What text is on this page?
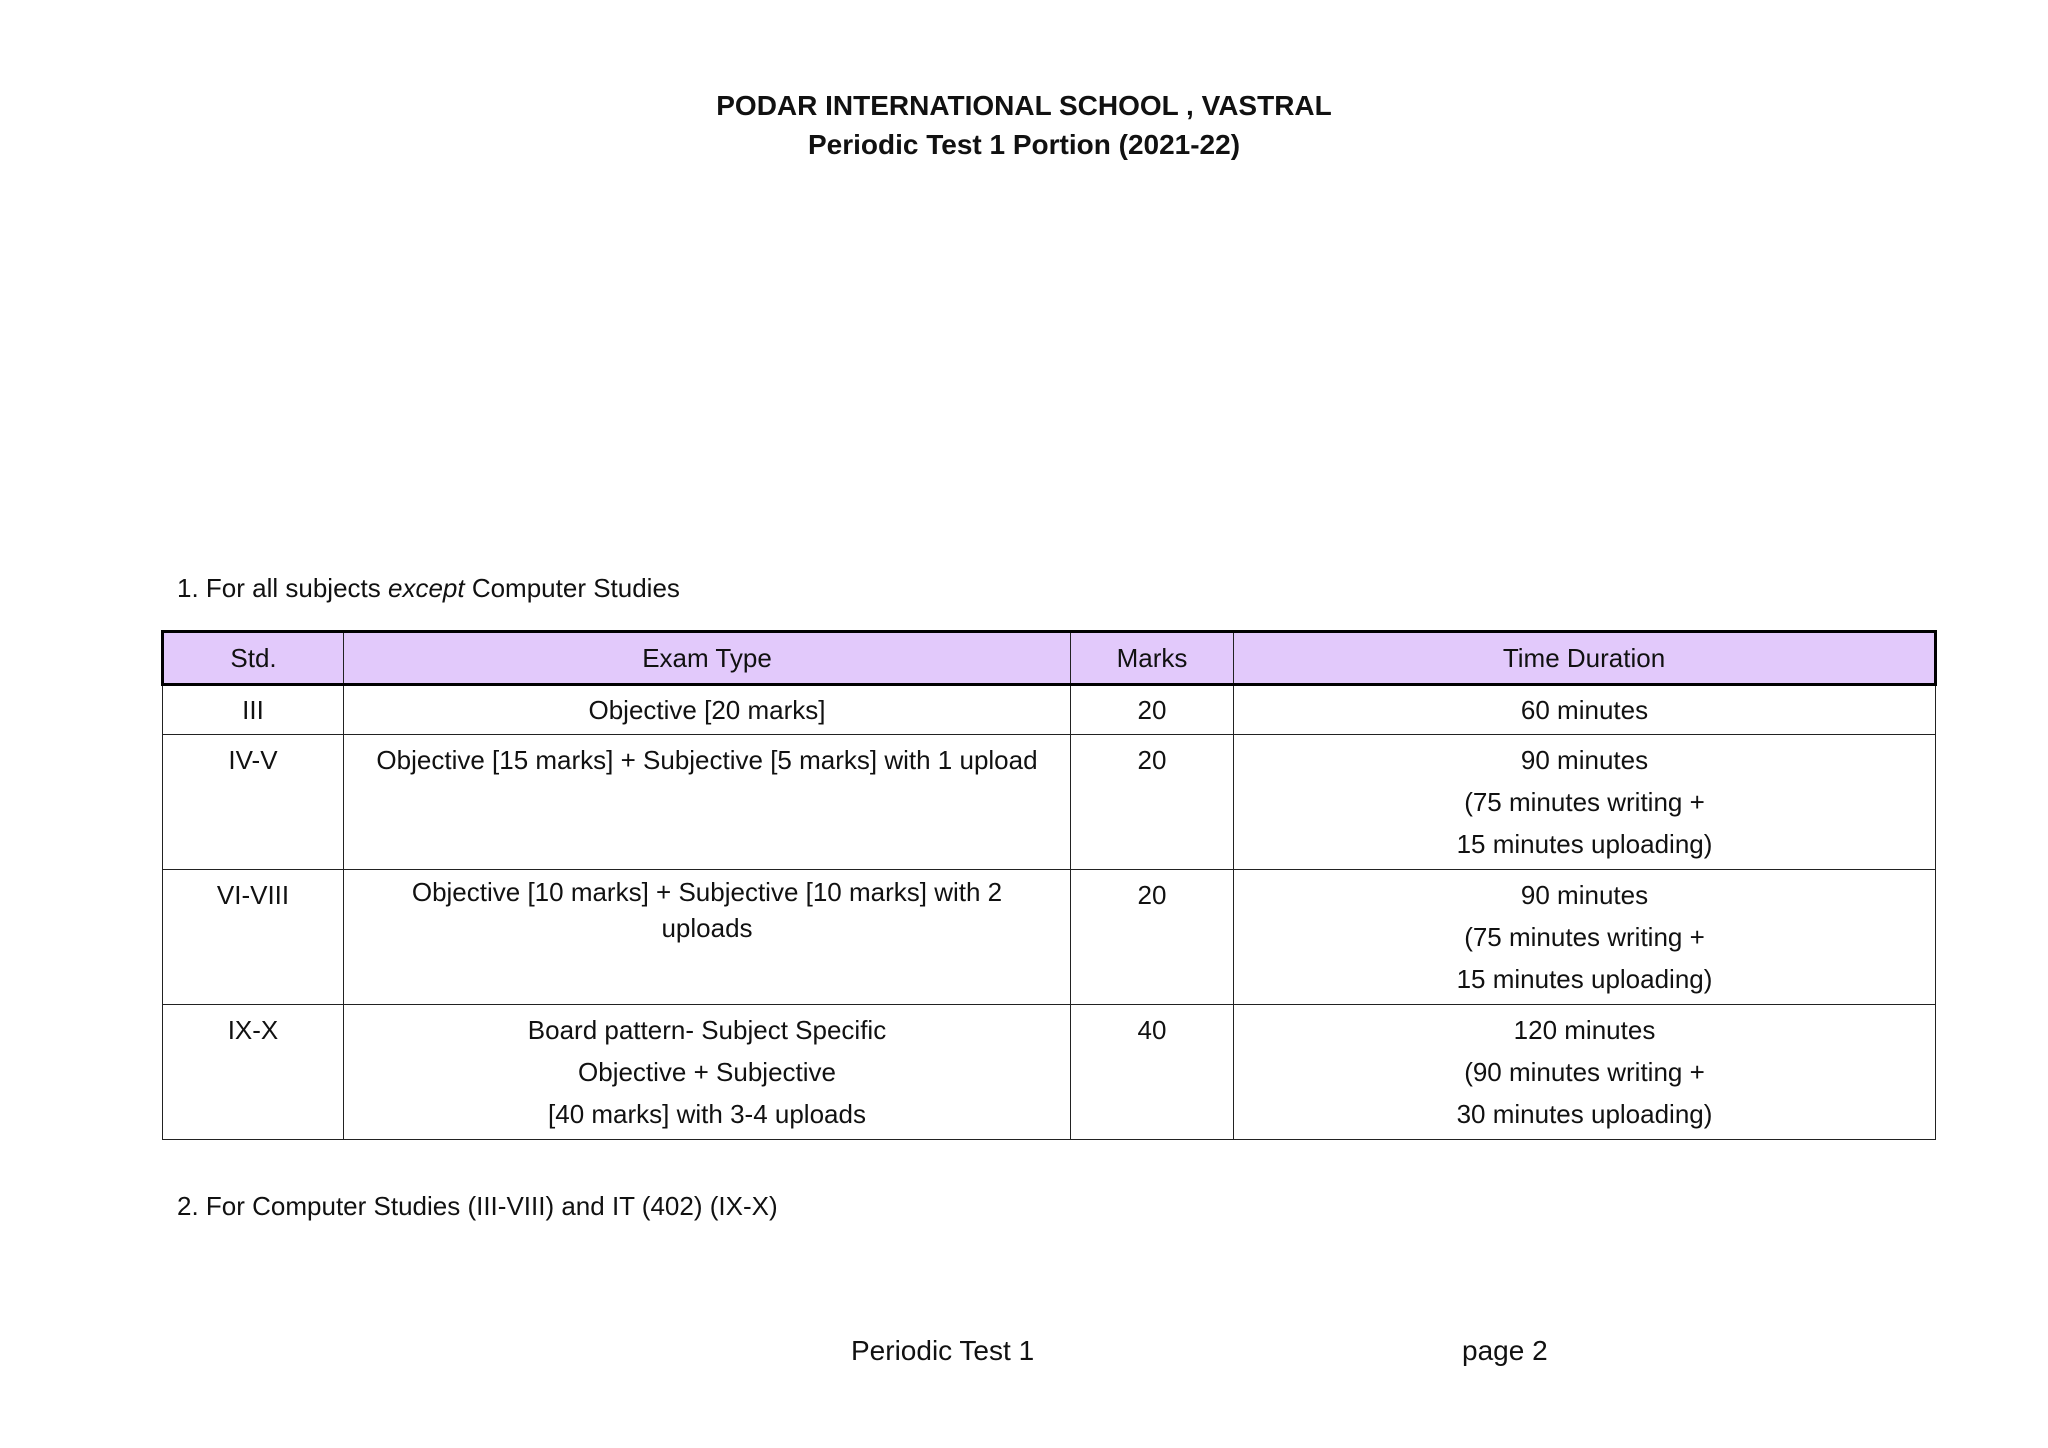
PODAR INTERNATIONAL SCHOOL , VASTRAL
Periodic Test 1 Portion (2021-22)
1. For all subjects except Computer Studies
Std.	Exam Type	Marks	Time Duration
III	Objective [20 marks]	20	60 minutes

IV-V	Objective [15 marks] + Subjective [5 marks] with 1 upload	20	90 minutes
(75 minutes writing +
15 minutes uploading)

VI-VIII	Objective [10 marks] + Subjective [10 marks] with 2
uploads	20	90 minutes
(75 minutes writing +
15 minutes uploading)

IX-X	Board pattern- Subject Specific
Objective + Subjective
[40 marks] with 3-4 uploads	40	120 minutes
(90 minutes writing +
30 minutes uploading)
2. For Computer Studies (III-VIII) and IT (402) (IX-X)
Periodic Test 1	page 2
